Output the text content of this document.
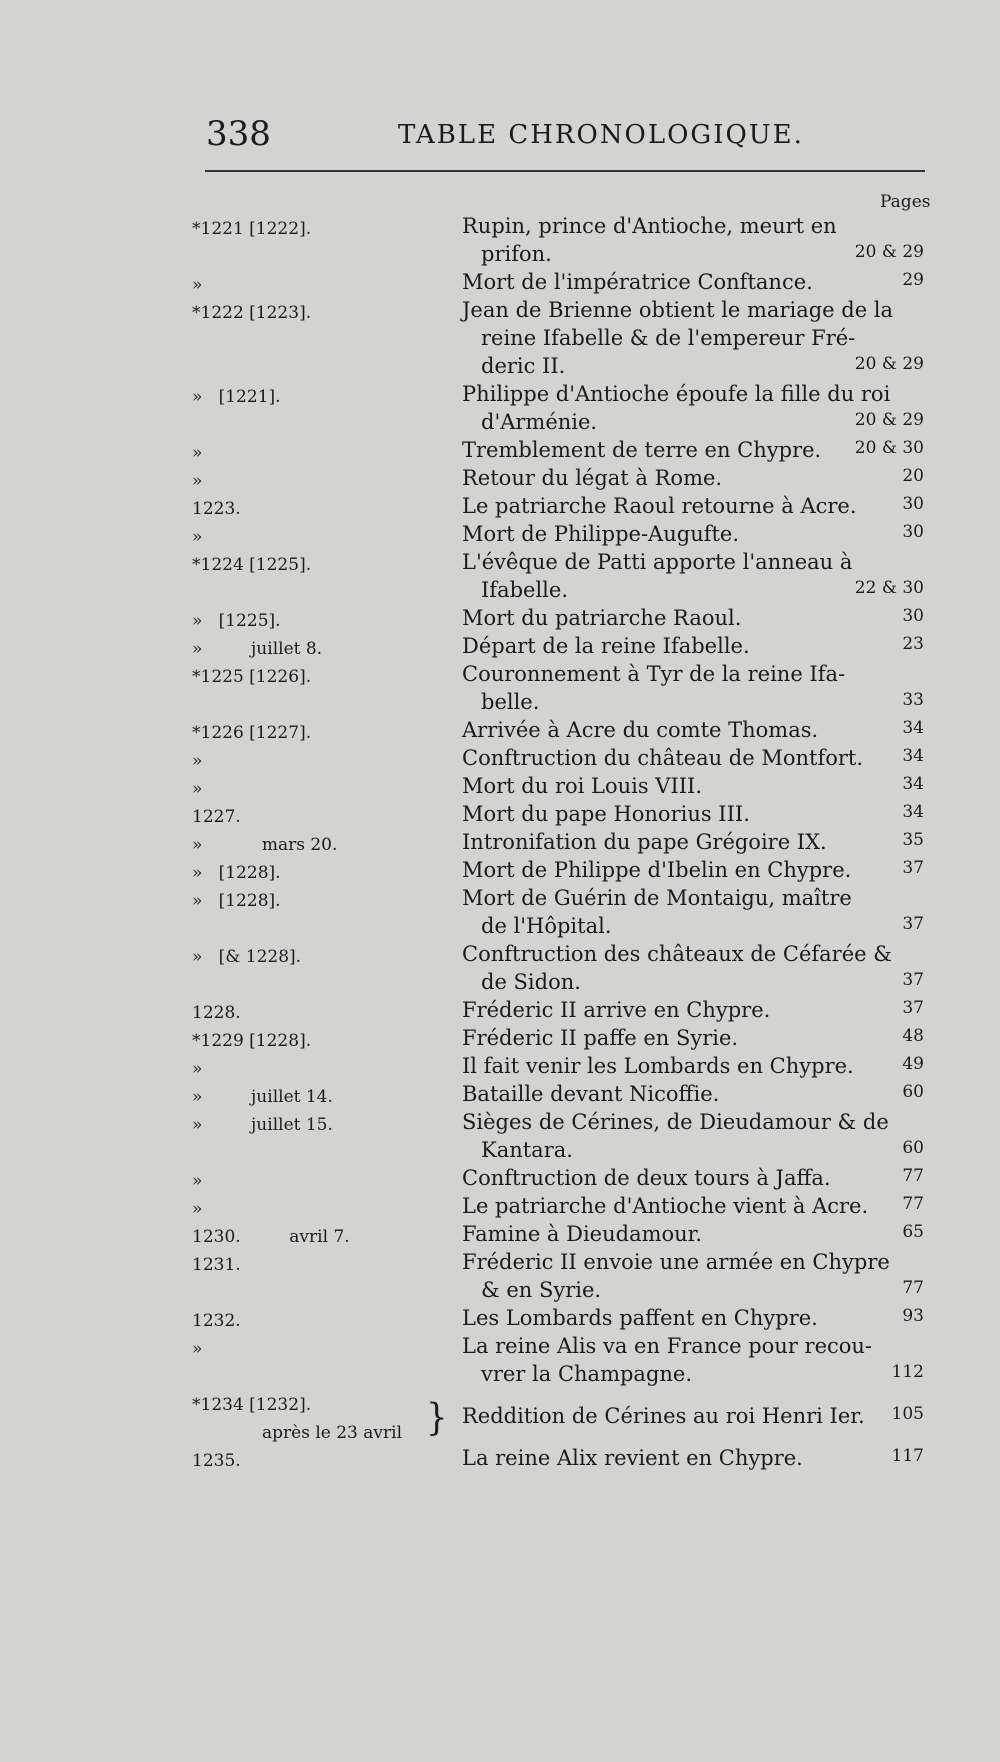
338	TABLE CHRONOLOGIQUE.
Pages
*1221 [1222].	Rupin, prince d'Antioche, meurt en
prifon.	20 & 29
»	Mort de l'impératrice Conftance.	29
*1222 [1223].	Jean de Brienne obtient le mariage de la
reine Ifabelle & de l'empereur Fré-
deric II.	20 & 29
»   [1221].	Philippe d'Antioche époufe la fille du roi
d'Arménie.	20 & 29
»	Tremblement de terre en Chypre.	20 & 30
»	Retour du légat à Rome.	20
1223.	Le patriarche Raoul retourne à Acre.	30
»	Mort de Philippe-Augufte.	30
*1224 [1225].	L'évêque de Patti apporte l'anneau à
Ifabelle.	22 & 30
»   [1225].	Mort du patriarche Raoul.	30
»         juillet 8.	Départ de la reine Ifabelle.	23
*1225 [1226].	Couronnement à Tyr de la reine Ifa-
belle.	33
*1226 [1227].	Arrivée à Acre du comte Thomas.	34
»	Conftruction du château de Montfort.	34
»	Mort du roi Louis VIII.	34
1227.	Mort du pape Honorius III.	34
»           mars 20.	Intronifation du pape Grégoire IX.	35
»   [1228].	Mort de Philippe d'Ibelin en Chypre.	37
»   [1228].	Mort de Guérin de Montaigu, maître
de l'Hôpital.	37
»   [& 1228].	Conftruction des châteaux de Céfarée &
de Sidon.	37
1228.	Fréderic II arrive en Chypre.	37
*1229 [1228].	Fréderic II paffe en Syrie.	48
»	Il fait venir les Lombards en Chypre.	49
»         juillet 14.	Bataille devant Nicoffie.	60
»         juillet 15.	Sièges de Cérines, de Dieudamour & de
Kantara.	60
»	Conftruction de deux tours à Jaffa.	77
»	Le patriarche d'Antioche vient à Acre.	77
1230.         avril 7.	Famine à Dieudamour.	65
1231.	Fréderic II envoie une armée en Chypre
& en Syrie.	77
1232.	Les Lombards paffent en Chypre.	93
»	La reine Alis va en France pour recou-
vrer la Champagne.	112
*1234 [1232].
après le 23 avril } Reddition de Cérines au roi Henri Ier.	105
1235.	La reine Alix revient en Chypre.	117
